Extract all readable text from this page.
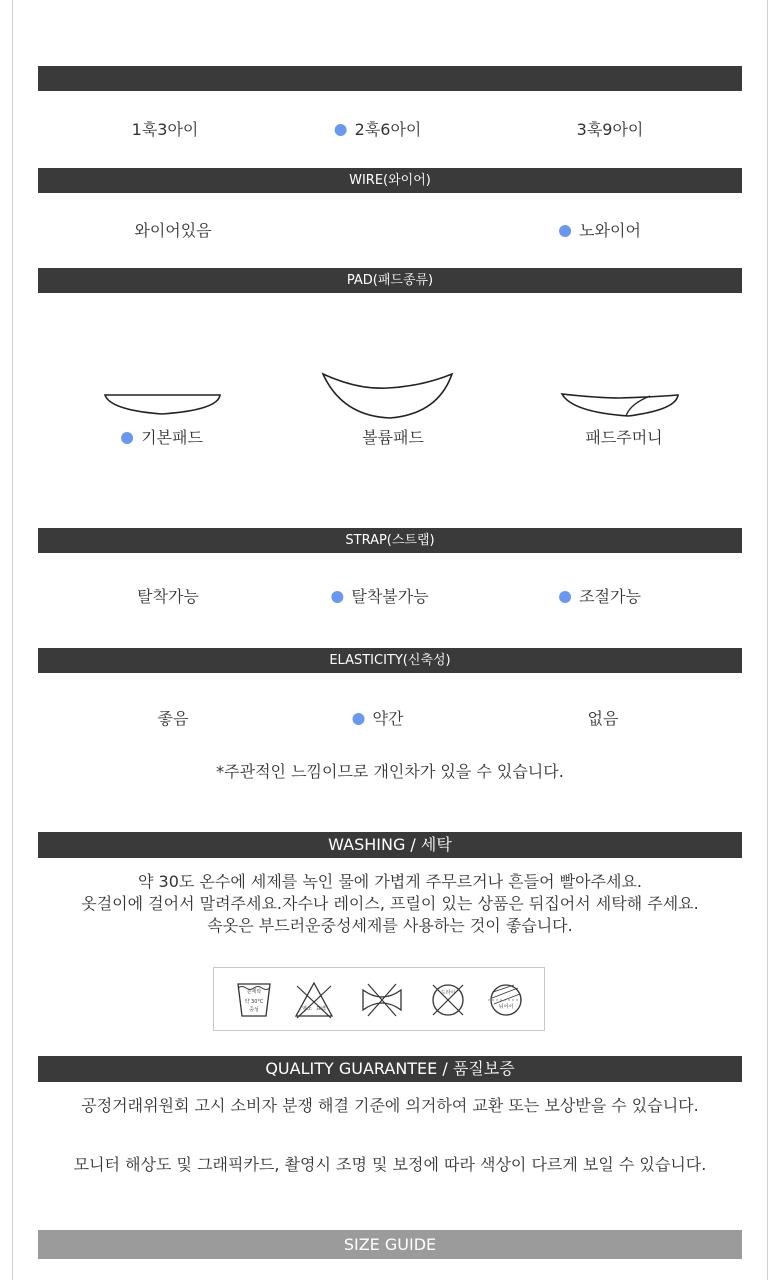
1훅3아이	2훅6아이	3훅9아이
WIRE(와이어)
와이어있음	노와이어
PAD(패드종류)
기본패드	볼륨패드	패드주머니
STRAP(스트랩)
탈착가능	탈착불가능	조절가능
ELASTICITY(신축성)
좋음	약간	없음
*주관적인 느낌이므로 개인차가 있을 수 있습니다.
WASHING / 세탁
약 30도 온수에 세제를 녹인 물에 가볍게 주무르거나 흔들어 빨아주세요.
옷걸이에 걸어서 말려주세요.자수나 레이스, 프릴이 있는 상품은 뒤집어서 세탁해 주세요.
속옷은 부드러운중성세제를 사용하는 것이 좋습니다.
손세탁
약 30°C
중성	염소 표백
드라이
뉘어서
QUALITY GUARANTEE / 품질보증
공정거래위원회 고시 소비자 분쟁 해결 기준에 의거하여 교환 또는 보상받을 수 있습니다.
모니터 해상도 및 그래픽카드, 촬영시 조명 및 보정에 따라 색상이 다르게 보일 수 있습니다.
SIZE GUIDE
